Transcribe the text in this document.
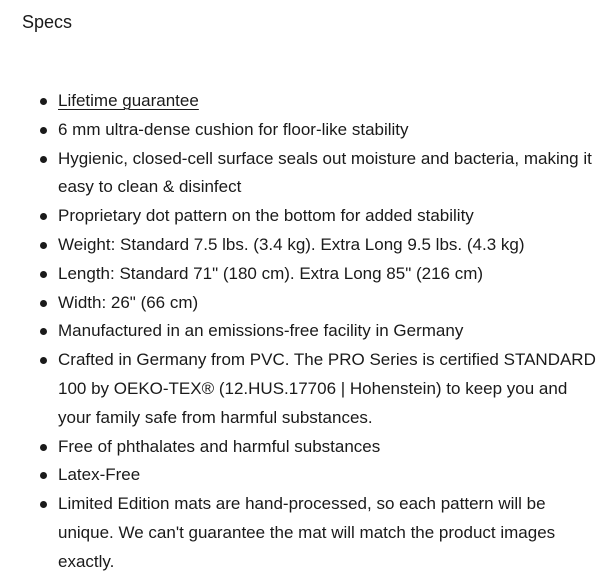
Specs
Lifetime guarantee
6 mm ultra-dense cushion for floor-like stability
Hygienic, closed-cell surface seals out moisture and bacteria, making it easy to clean & disinfect
Proprietary dot pattern on the bottom for added stability
Weight: Standard 7.5 lbs. (3.4 kg). Extra Long 9.5 lbs. (4.3 kg)
Length: Standard 71" (180 cm). Extra Long 85" (216 cm)
Width: 26" (66 cm)
Manufactured in an emissions-free facility in Germany
Crafted in Germany from PVC. The PRO Series is certified STANDARD 100 by OEKO-TEX® (12.HUS.17706 | Hohenstein) to keep you and your family safe from harmful substances.
Free of phthalates and harmful substances
Latex-Free
Limited Edition mats are hand-processed, so each pattern will be unique. We can't guarantee the mat will match the product images exactly.
